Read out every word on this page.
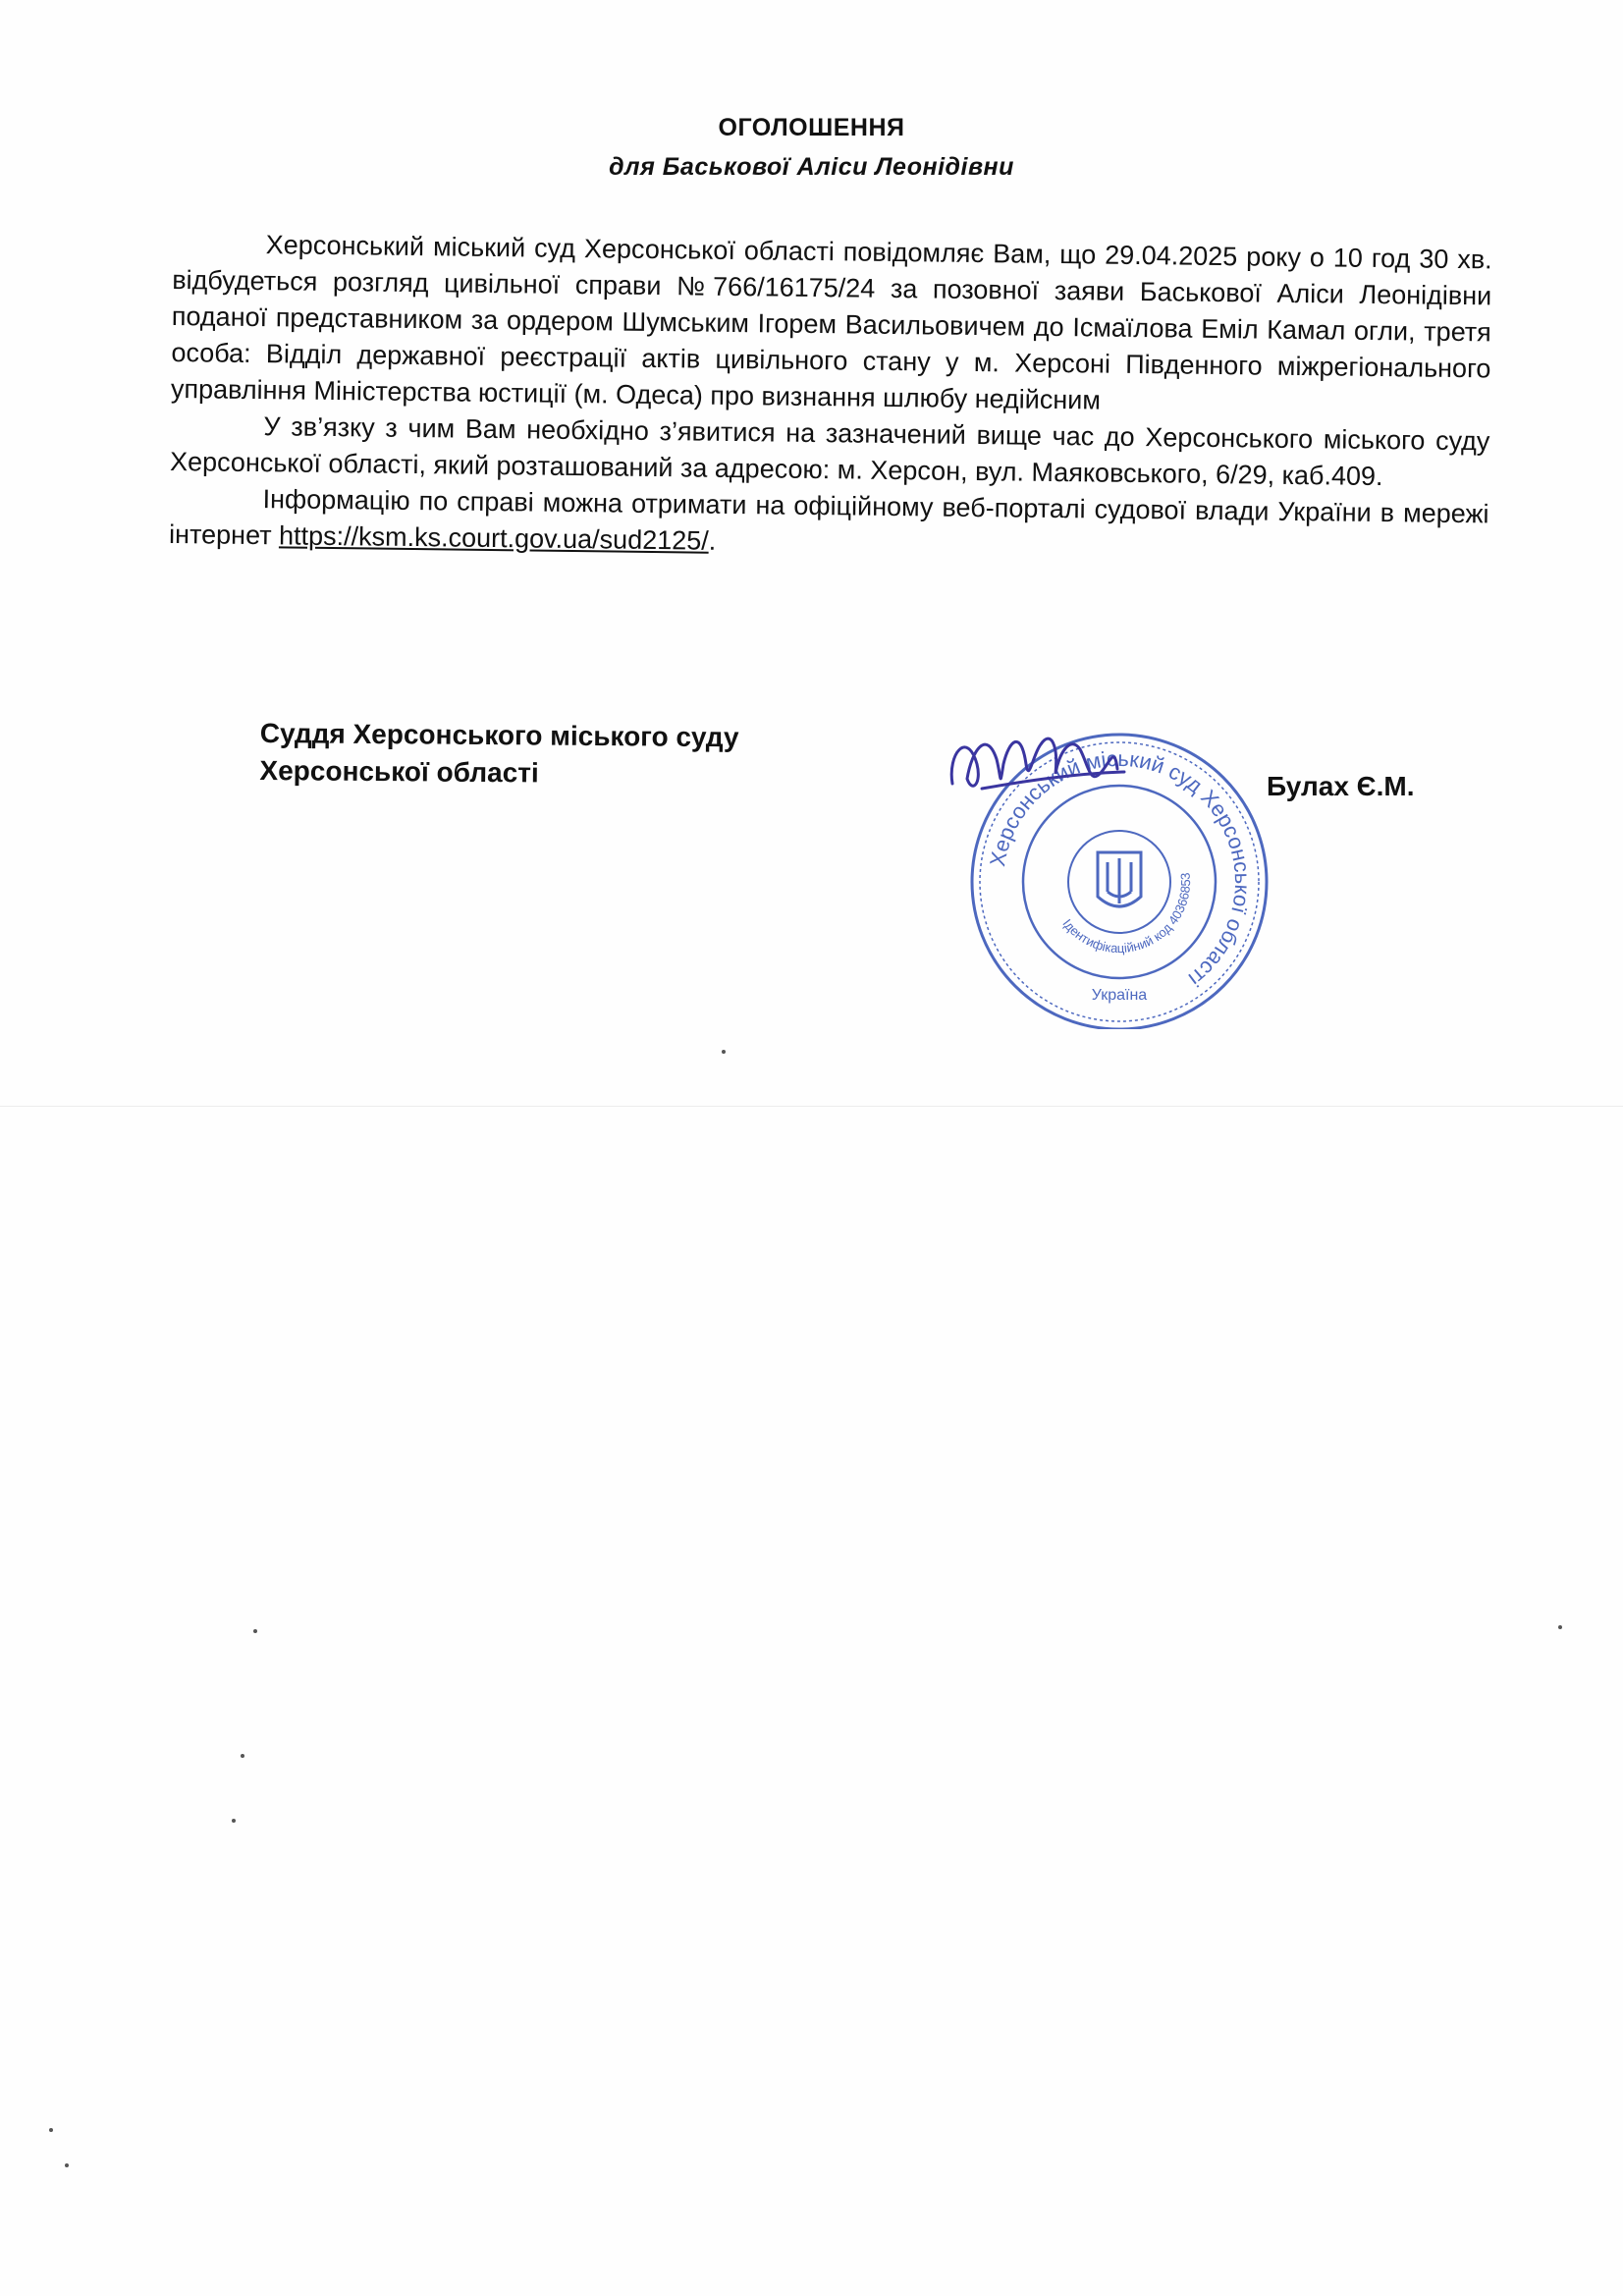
ОГОЛОШЕННЯ
для Баськової Аліси Леонідівни

Херсонський міський суд Херсонської області повідомляє Вам, що 29.04.2025 року о 10 год 30 хв. відбудеться розгляд цивільної справи №766/16175/24 за позовної заяви Баськової Аліси Леонідівни поданої представником за ордером Шумським Ігорем Васильовичем до Ісмаїлова Еміл Камал огли, третя особа: Відділ державної реєстрації актів цивільного стану у м. Херсоні Південного міжрегіонального управління Міністерства юстиції (м. Одеса) про визнання шлюбу недійсним

У зв’язку з чим Вам необхідно з’явитися на зазначений вище час до Херсонського міського суду Херсонської області, який розташований за адресою: м. Херсон, вул. Маяковського, 6/29, каб.409.

Інформацію по справі можна отримати на офіційному веб-порталі судової влади України в мережі інтернет https://ksm.ks.court.gov.ua/sud2125/.

Суддя Херсонського міського суду
Херсонської області	Булах Є.М.
Херсонський міський суд Херсонської області
Ідентифікаційний код 40366853
Україна
